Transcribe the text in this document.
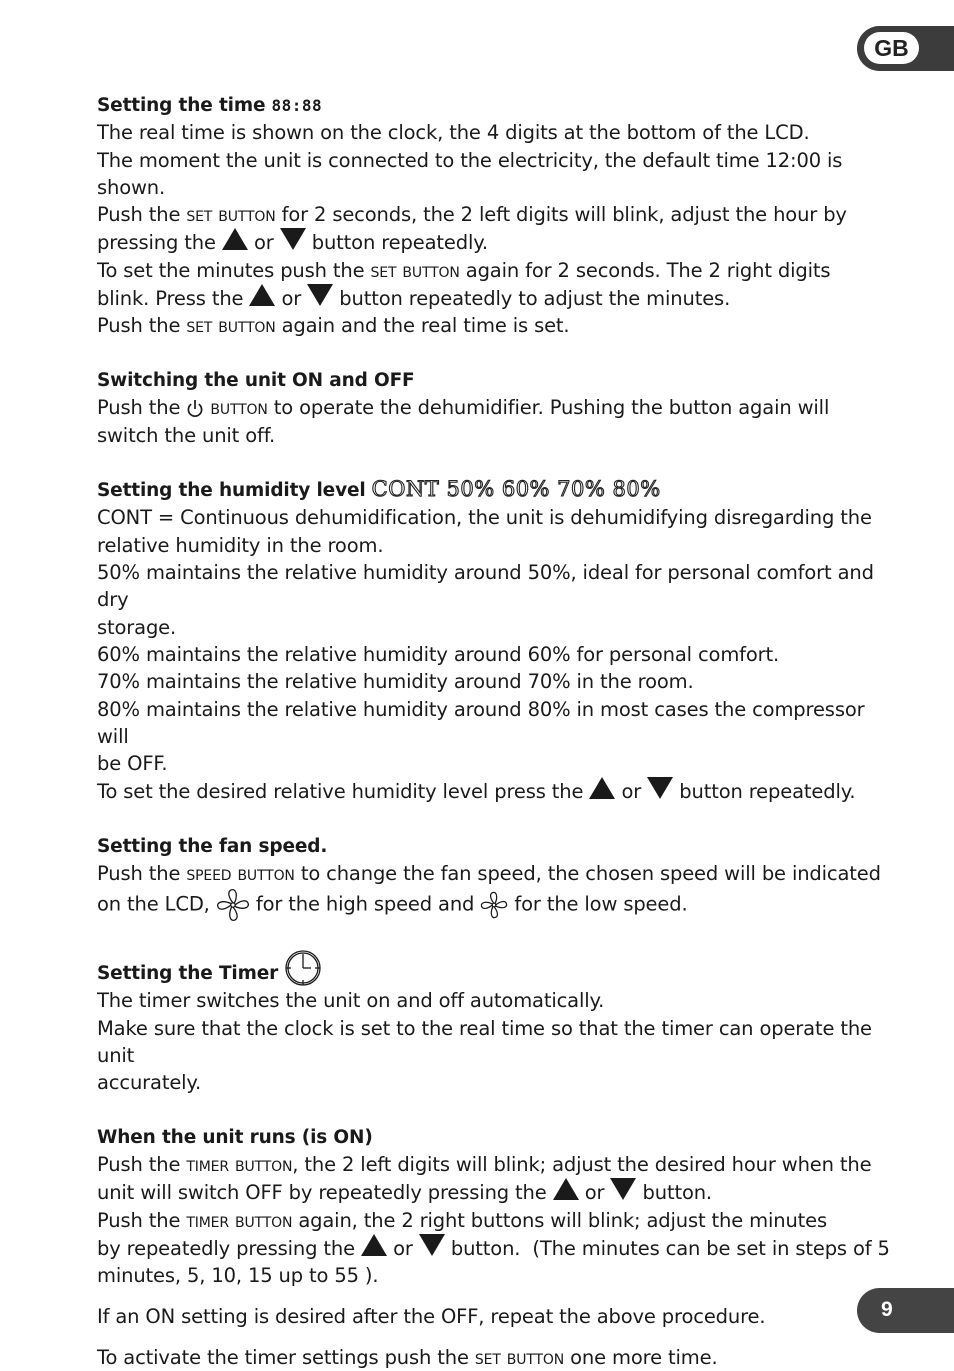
GB

Setting the time 88:88

The real time is shown on the clock, the 4 digits at the bottom of the LCD.

The moment the unit is connected to the electricity, the default time 12:00 is shown.

Push the set button for 2 seconds, the 2 left digits will blink, adjust the hour by

pressing the or button repeatedly.

To set the minutes push the set button again for 2 seconds. The 2 right digits

blink. Press the or button repeatedly to adjust the minutes.

Push the set button again and the real time is set.

Switching the unit ON and OFF

Push the button to operate the dehumidifier. Pushing the button again will

switch the unit off.

Setting the humidity level CONT 50% 60% 70% 80%

CONT = Continuous dehumidification, the unit is dehumidifying disregarding the

relative humidity in the room.

50% maintains the relative humidity around 50%, ideal for personal comfort and dry

storage.

60% maintains the relative humidity around 60% for personal comfort.

70% maintains the relative humidity around 70% in the room.

80% maintains the relative humidity around 80% in most cases the compressor will

be OFF.

To set the desired relative humidity level press the or button repeatedly.

Setting the fan speed.

Push the speed button to change the fan speed, the chosen speed will be indicated

on the LCD, for the high speed and for the low speed.

Setting the Timer

The timer switches the unit on and off automatically.

Make sure that the clock is set to the real time so that the timer can operate the unit

accurately.

When the unit runs (is ON)

Push the timer button, the 2 left digits will blink; adjust the desired hour when the

unit will switch OFF by repeatedly pressing the or button.

Push the timer button again, the 2 right buttons will blink; adjust the minutes

by repeatedly pressing the or button.  (The minutes can be set in steps of 5

minutes, 5, 10, 15 up to 55 ).

If an ON setting is desired after the OFF, repeat the above procedure.

To activate the timer settings push the set button one more time.

9
